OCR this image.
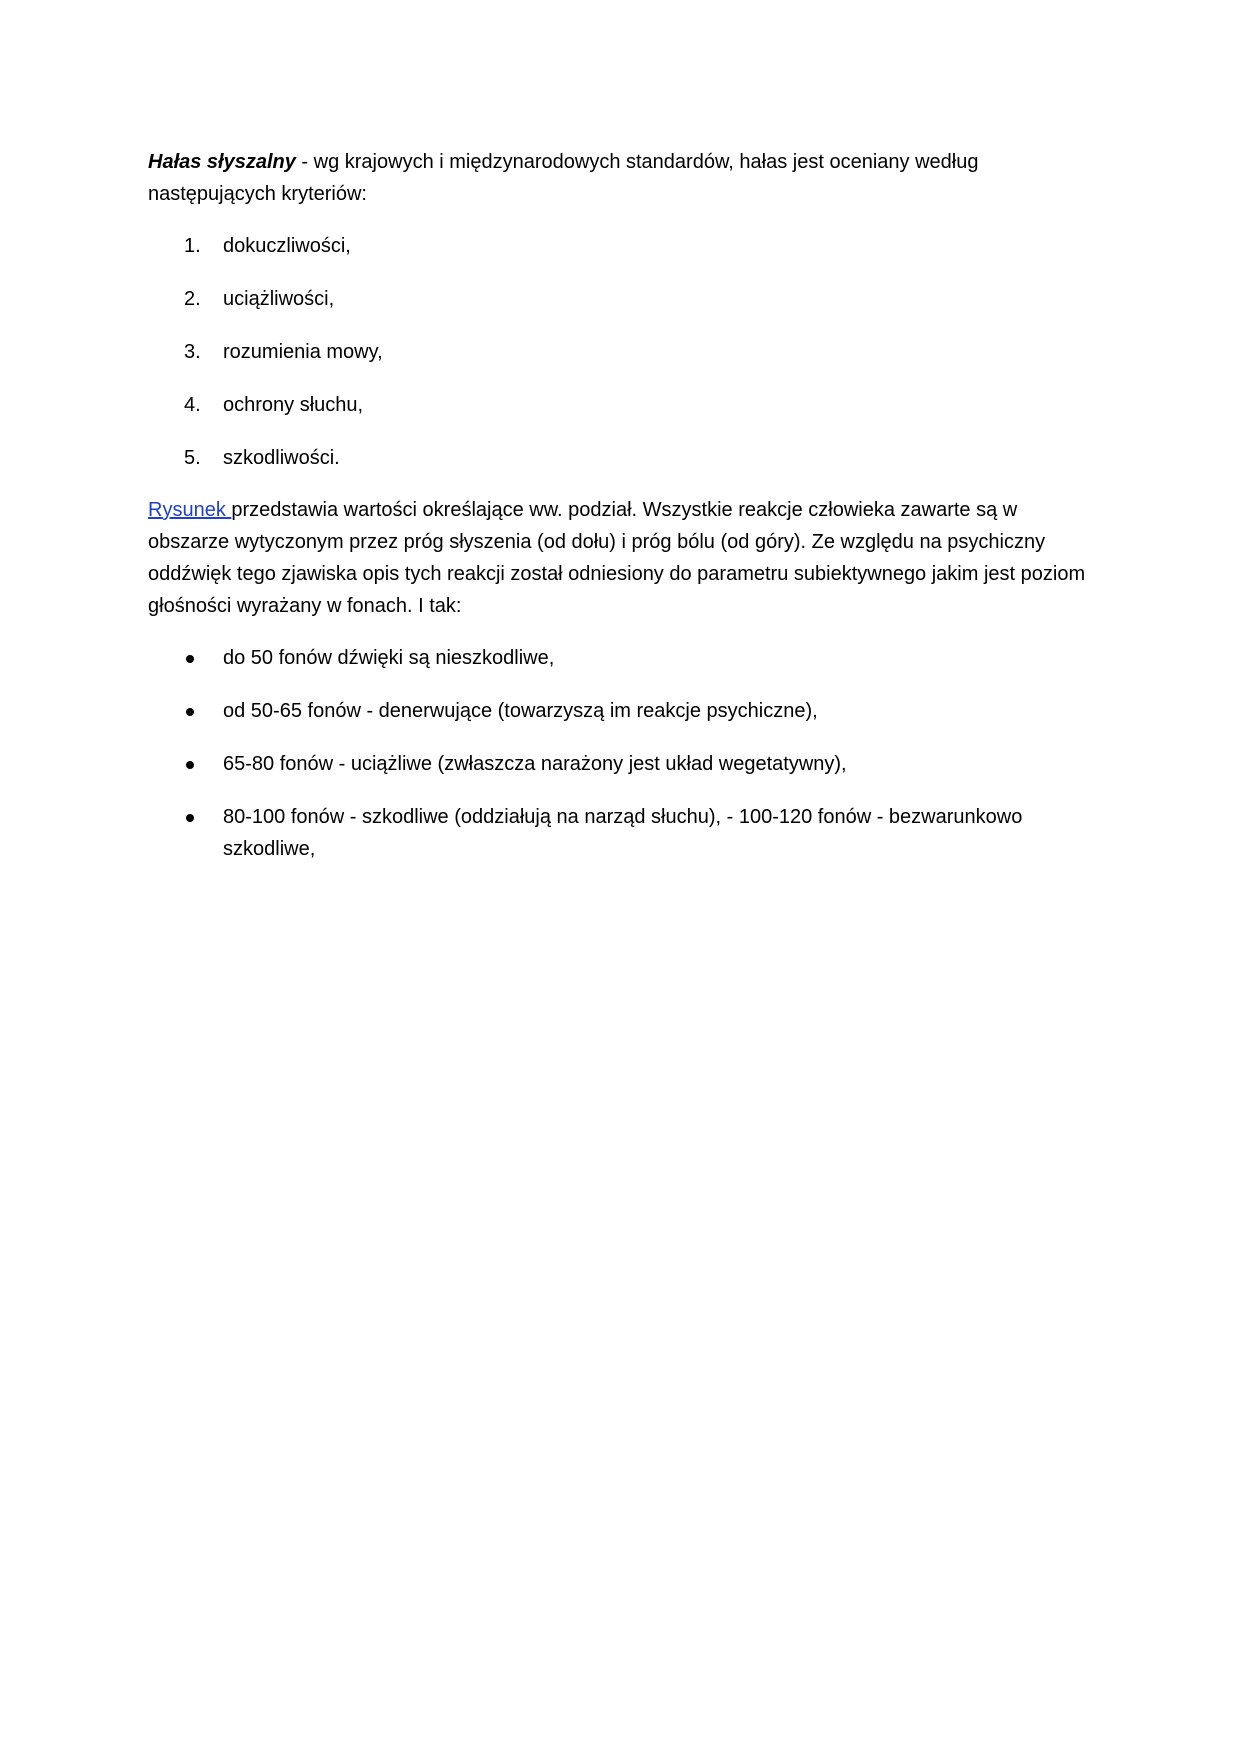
Hałas słyszalny - wg krajowych i międzynarodowych standardów, hałas jest oceniany według następujących kryteriów:

1. dokuczliwości,
2. uciążliwości,
3. rozumienia mowy,
4. ochrony słuchu,
5. szkodliwości.

Rysunek przedstawia wartości określające ww. podział. Wszystkie reakcje człowieka zawarte są w obszarze wytyczonym przez próg słyszenia (od dołu) i próg bólu (od góry). Ze względu na psychiczny oddźwięk tego zjawiska opis tych reakcji został odniesiony do parametru subiektywnego jakim jest poziom głośności wyrażany w fonach. I tak:

do 50 fonów dźwięki są nieszkodliwe,
od 50-65 fonów - denerwujące (towarzyszą im reakcje psychiczne),
65-80 fonów - uciążliwe (zwłaszcza narażony jest układ wegetatywny),
80-100 fonów - szkodliwe (oddziałują na narząd słuchu), - 100-120 fonów - bezwarunkowo szkodliwe,
